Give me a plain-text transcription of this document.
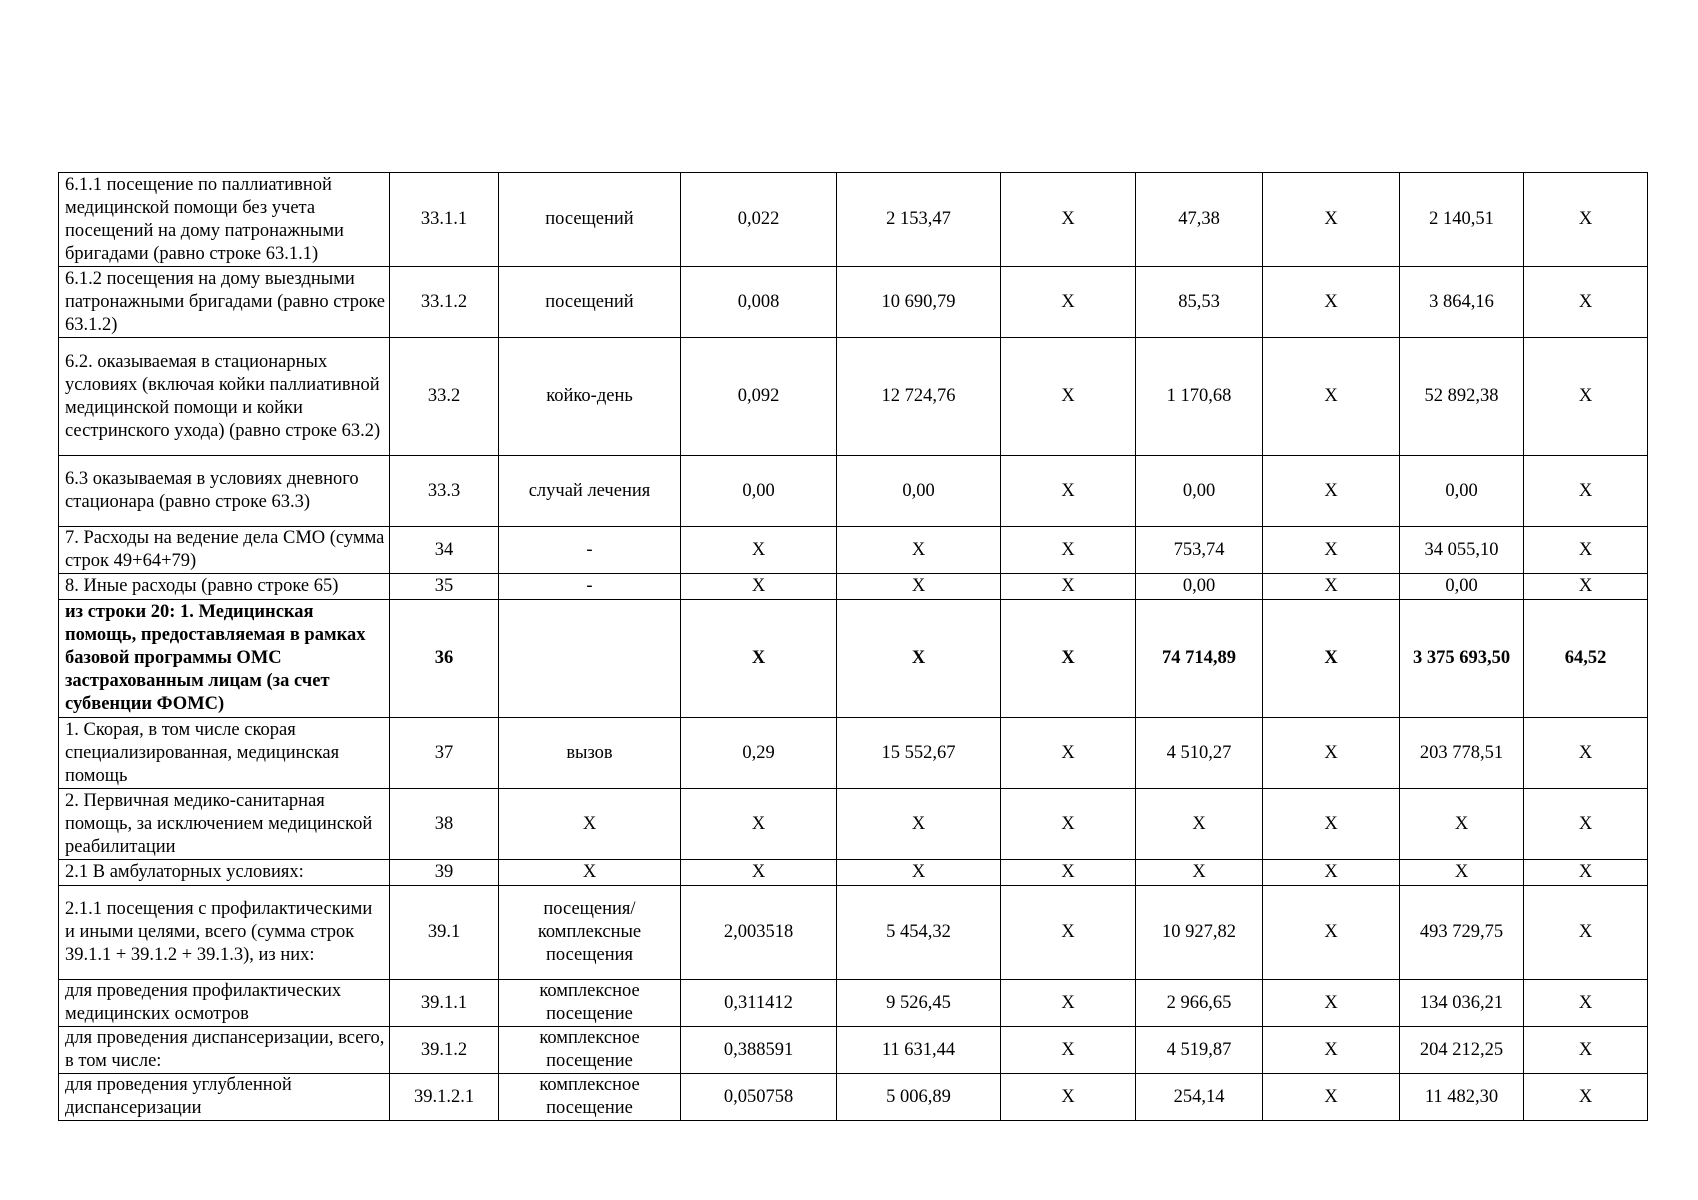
6.1.1 посещение по паллиативной медицинской помощи без учета посещений на дому патронажными бригадами (равно строке 63.1.1)	33.1.1	посещений	0,022	2 153,47	X	47,38	X	2 140,51	X
6.1.2 посещения на дому выездными патронажными бригадами (равно строке 63.1.2)	33.1.2	посещений	0,008	10 690,79	X	85,53	X	3 864,16	X
6.2. оказываемая в стационарных условиях (включая койки паллиативной медицинской помощи и койки сестринского ухода) (равно строке 63.2)	33.2	койко-день	0,092	12 724,76	X	1 170,68	X	52 892,38	X
6.3 оказываемая в условиях дневного стационара (равно строке 63.3)	33.3	случай лечения	0,00	0,00	X	0,00	X	0,00	X
7. Расходы на ведение дела СМО (сумма строк 49+64+79)	34	-	X	X	X	753,74	X	34 055,10	X
8. Иные расходы (равно строке 65)	35	-	X	X	X	0,00	X	0,00	X
из строки 20: 1. Медицинская помощь, предоставляемая в рамках базовой программы ОМС застрахованным лицам (за счет субвенции ФОМС)	36		X	X	X	74 714,89	X	3 375 693,50	64,52
1. Скорая, в том числе скорая специализированная, медицинская помощь	37	вызов	0,29	15 552,67	X	4 510,27	X	203 778,51	X
2. Первичная медико-санитарная помощь, за исключением медицинской реабилитации	38	X	X	X	X	X	X	X	X
2.1 В амбулаторных условиях:	39	X	X	X	X	X	X	X	X
2.1.1 посещения с профилактическими и иными целями, всего (сумма строк 39.1.1 + 39.1.2 + 39.1.3), из них:	39.1	посещения/комплексные посещения	2,003518	5 454,32	X	10 927,82	X	493 729,75	X
для проведения профилактических медицинских осмотров	39.1.1	комплексное посещение	0,311412	9 526,45	X	2 966,65	X	134 036,21	X
для проведения диспансеризации, всего, в том числе:	39.1.2	комплексное посещение	0,388591	11 631,44	X	4 519,87	X	204 212,25	X
для проведения углубленной диспансеризации	39.1.2.1	комплексное посещение	0,050758	5 006,89	X	254,14	X	11 482,30	X
